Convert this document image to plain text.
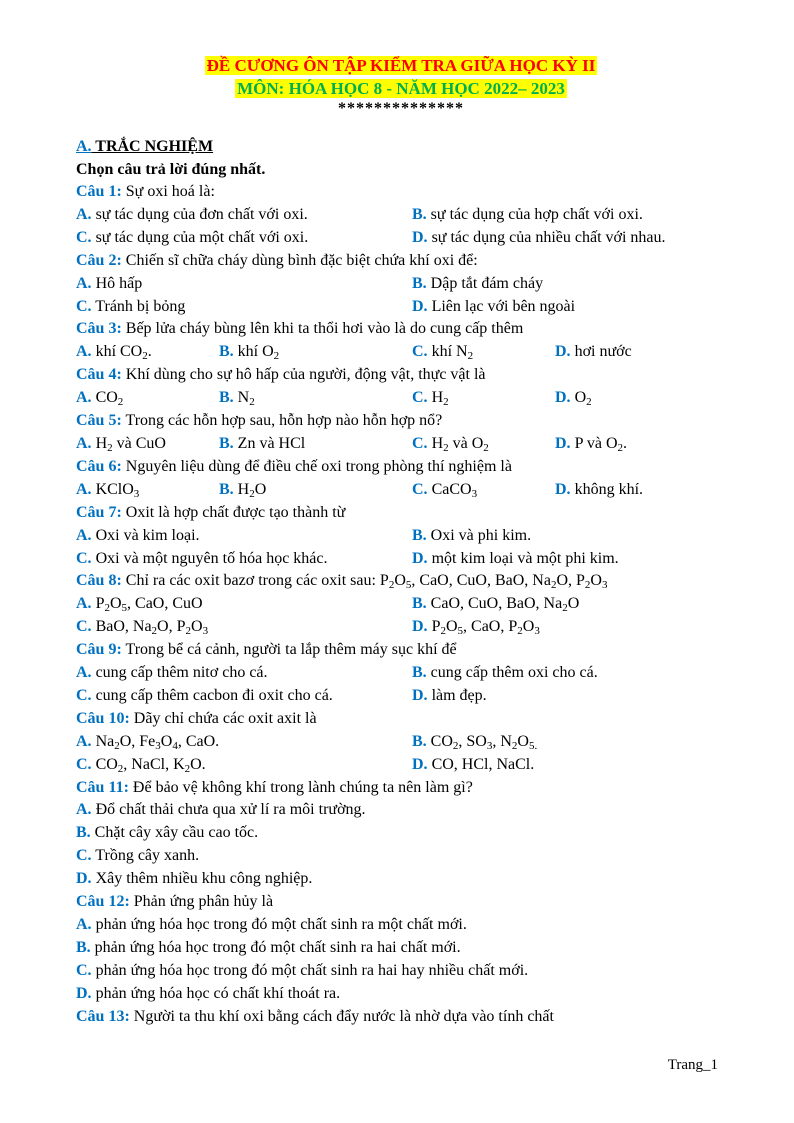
ĐỀ CƯƠNG ÔN TẬP KIỂM TRA GIỮA HỌC KỲ II
MÔN: HÓA HỌC 8 - NĂM HỌC 2022– 2023
**************
A. TRẮC NGHIỆM
Chọn câu trả lời đúng nhất.
Câu 1: Sự oxi hoá là:
A. sự tác dụng của đơn chất với oxi.	B. sự tác dụng của hợp chất với oxi.
C. sự tác dụng của một chất với oxi.	D. sự tác dụng của nhiều chất với nhau.
Câu 2: Chiến sĩ chữa cháy dùng bình đặc biệt chứa khí oxi để:
A. Hô hấp	B. Dập tắt đám cháy
C. Tránh bị bỏng	D. Liên lạc với bên ngoài
Câu 3: Bếp lửa cháy bùng lên khi ta thổi hơi vào là do cung cấp thêm
A. khí $CO_2$.	B. khí $O_2$	C. khí $N_2$	D. hơi nước
Câu 4: Khí dùng cho sự hô hấp của người, động vật, thực vật là
A. $CO_2$	B. $N_2$	C. $H_2$	D. $O_2$
Câu 5: Trong các hỗn hợp sau, hỗn hợp nào hỗn hợp nổ?
A. $H_2$ và CuO	B. Zn và HCl	C. $H_2$ và $O_2$	D. P và $O_2$.
Câu 6: Nguyên liệu dùng để điều chế oxi trong phòng thí nghiệm là
A. KClO$_3$	B. $H_2O$	C. CaCO$_3$	D. không khí.
Câu 7: Oxit là hợp chất được tạo thành từ
A. Oxi và kim loại.	B. Oxi và phi kim.
C. Oxi và một nguyên tố hóa học khác.	D. một kim loại và một phi kim.
Câu 8: Chỉ ra các oxit bazơ trong các oxit sau: $P_2O_5$, CaO, CuO, BaO, $Na_2O$, $P_2O_3$
A. $P_2O_5$, CaO, CuO	B. CaO, CuO, BaO, $Na_2O$
C. BaO, $Na_2O$, $P_2O_3$	D. $P_2O_5$, CaO, $P_2O_3$
Câu 9: Trong bể cá cảnh, người ta lắp thêm máy sục khí để
A. cung cấp thêm nitơ cho cá.	B. cung cấp thêm oxi cho cá.
C. cung cấp thêm cacbon đi oxit cho cá.	D. làm đẹp.
Câu 10: Dãy chỉ chứa các oxit axit là
A. $Na_2O$, $Fe_3O_4$, CaO.	B. $CO_2$, $SO_3$, $N_2O_{5.}$
C. $CO_2$, NaCl, $K_2O$.	D. CO, HCl, NaCl.
Câu 11: Để bảo vệ không khí trong lành chúng ta nên làm gì?
A. Đổ chất thải chưa qua xử lí ra môi trường.
B. Chặt cây xây cầu cao tốc.
C. Trồng cây xanh.
D. Xây thêm nhiều khu công nghiệp.
Câu 12: Phản ứng phân hủy là
A. phản ứng hóa học trong đó một chất sinh ra một chất mới.
B. phản ứng hóa học trong đó một chất sinh ra hai chất mới.
C. phản ứng hóa học trong đó một chất sinh ra hai hay nhiều chất mới.
D. phản ứng hóa học có chất khí thoát ra.
Câu 13: Người ta thu khí oxi bằng cách đẩy nước là nhờ dựa vào tính chất
Trang_1
